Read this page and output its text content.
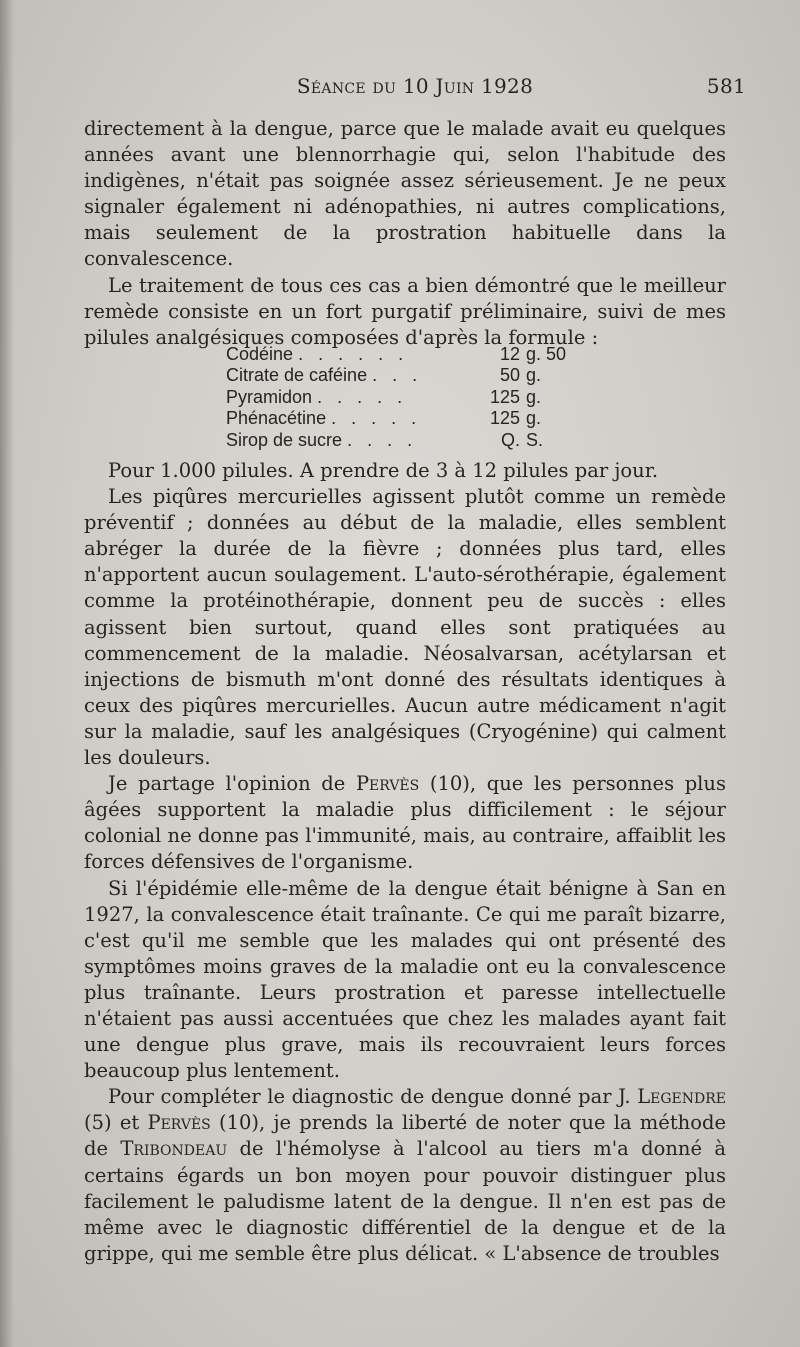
Séance du 10 Juin 1928	581

directement à la dengue, parce que le malade avait eu quelques années avant une blennorrhagie qui, selon l'habitude des indigènes, n'était pas soignée assez sérieusement. Je ne peux signaler également ni adénopathies, ni autres complications, mais seulement de la prostration habituelle dans la convalescence.

Le traitement de tous ces cas a bien démontré que le meilleur remède consiste en un fort purgatif préliminaire, suivi de mes pilules analgésiques composées d'après la formule :

Codéine . . . . . .	12 g. 50
Citrate de caféine . . .	50 g.
Pyramidon . . . . .	125 g.
Phénacétine . . . . .	125 g.
Sirop de sucre . . . .	Q. S.

Pour 1.000 pilules. A prendre de 3 à 12 pilules par jour.

Les piqûres mercurielles agissent plutôt comme un remède préventif ; données au début de la maladie, elles semblent abréger la durée de la fièvre ; données plus tard, elles n'apportent aucun soulagement. L'auto-sérothérapie, également comme la protéinothérapie, donnent peu de succès : elles agissent bien surtout, quand elles sont pratiquées au commencement de la maladie. Néosalvarsan, acétylarsan et injections de bismuth m'ont donné des résultats identiques à ceux des piqûres mercurielles. Aucun autre médicament n'agit sur la maladie, sauf les analgésiques (Cryogénine) qui calment les douleurs.

Je partage l'opinion de Pervès (10), que les personnes plus âgées supportent la maladie plus difficilement : le séjour colonial ne donne pas l'immunité, mais, au contraire, affaiblit les forces défensives de l'organisme.

Si l'épidémie elle-même de la dengue était bénigne à San en 1927, la convalescence était traînante. Ce qui me paraît bizarre, c'est qu'il me semble que les malades qui ont présenté des symptômes moins graves de la maladie ont eu la convalescence plus traînante. Leurs prostration et paresse intellectuelle n'étaient pas aussi accentuées que chez les malades ayant fait une dengue plus grave, mais ils recouvraient leurs forces beaucoup plus lentement.

Pour compléter le diagnostic de dengue donné par J. Legendre (5) et Pervès (10), je prends la liberté de noter que la méthode de Tribondeau de l'hémolyse à l'alcool au tiers m'a donné à certains égards un bon moyen pour pouvoir distinguer plus facilement le paludisme latent de la dengue. Il n'en est pas de même avec le diagnostic différentiel de la dengue et de la grippe, qui me semble être plus délicat. « L'absence de troubles
